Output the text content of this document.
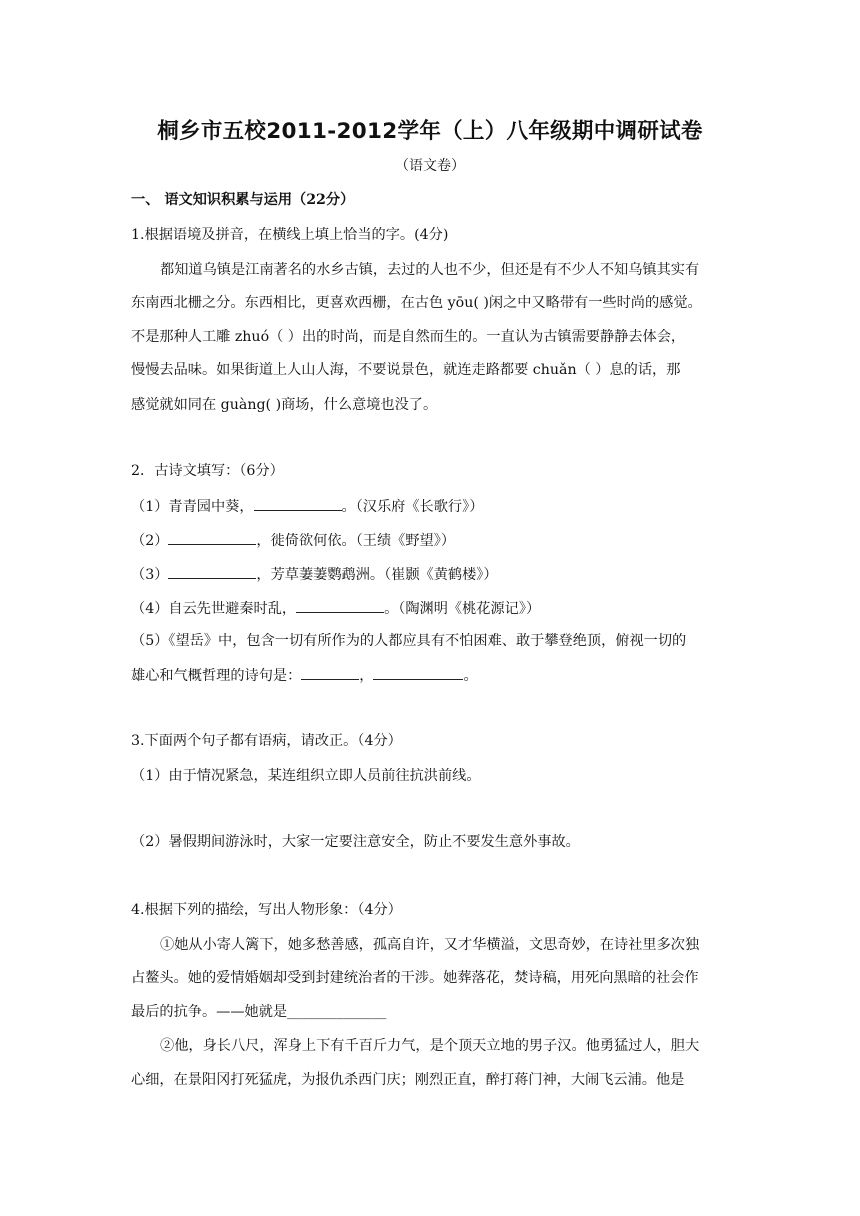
桐乡市五校2011-2012学年（上）八年级期中调研试卷
（语文卷）
一、 语文知识积累与运用（22分）
1.根据语境及拼音，在横线上填上恰当的字。(4分)
都知道乌镇是江南著名的水乡古镇，去过的人也不少，但还是有不少人不知乌镇其实有
东南西北栅之分。东西相比，更喜欢西栅，在古色 yōu( )闲之中又略带有一些时尚的感觉。
不是那种人工雕 zhuó（ ）出的时尚，而是自然而生的。一直认为古镇需要静静去体会，
慢慢去品味。如果街道上人山人海，不要说景色，就连走路都要 chuǎn（ ）息的话，那
感觉就如同在 guàng( )商场，什么意境也没了。
2．古诗文填写：（6分）
（1）青青园中葵，	。（汉乐府《长歌行》）
（2）	，徙倚欲何依。（王绩《野望》）
（3）	，芳草萋萋鹦鹉洲。（崔颢《黄鹤楼》）
（4）自云先世避秦时乱，	。（陶渊明《桃花源记》）
（5）《望岳》中，包含一切有所作为的人都应具有不怕困难、敢于攀登绝顶，俯视一切的
雄心和气概哲理的诗句是：	，	。
3.下面两个句子都有语病，请改正。（4分）
（1）由于情况紧急，某连组织立即人员前往抗洪前线。
（2）暑假期间游泳时，大家一定要注意安全，防止不要发生意外事故。
4.根据下列的描绘，写出人物形象：（4分）
①她从小寄人篱下，她多愁善感，孤高自许，又才华横溢，文思奇妙，在诗社里多次独
占鳌头。她的爱情婚姻却受到封建统治者的干涉。她葬落花，焚诗稿，用死向黑暗的社会作
最后的抗争。——她就是______________
②他，身长八尺，浑身上下有千百斤力气，是个顶天立地的男子汉。他勇猛过人，胆大
心细，在景阳冈打死猛虎，为报仇杀西门庆；刚烈正直，醉打蒋门神，大闹飞云浦。他是
